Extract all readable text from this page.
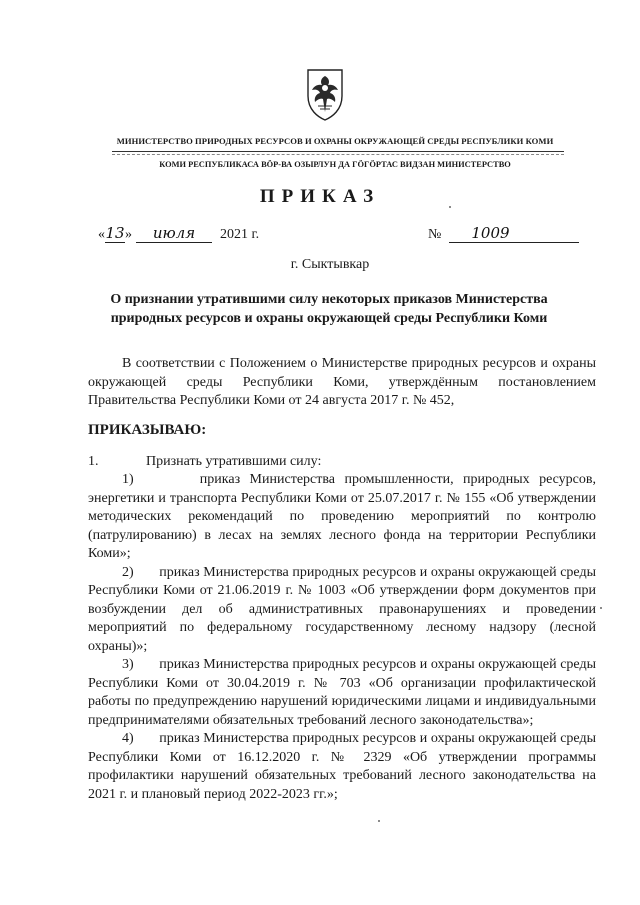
МИНИСТЕРСТВО ПРИРОДНЫХ РЕСУРСОВ И ОХРАНЫ ОКРУЖАЮЩЕЙ СРЕДЫ РЕСПУБЛИКИ КОМИ
КОМИ РЕСПУБЛИКАСА ВӦР-ВА ОЗЫРЛУН ДА ГӦГӦРТАС ВИДЗАН МИНИСТЕРСТВО
ПРИКАЗ
«13» июля 2021 г.	№ 1009
г. Сыктывкар
О признании утратившими силу некоторых приказов Министерства природных ресурсов и охраны окружающей среды Республики Коми
В соответствии с Положением о Министерстве природных ресурсов и охраны окружающей среды Республики Коми, утверждённым постановлением Правительства Республики Коми от 24 августа 2017 г. № 452,
ПРИКАЗЫВАЮ:
1.	Признать утратившими силу:

1)	приказ Министерства промышленности, природных ресурсов, энергетики и транспорта Республики Коми от 25.07.2017 г. № 155 «Об утверждении методических рекомендаций по проведению мероприятий по контролю (патрулированию) в лесах на землях лесного фонда на территории Республики Коми»;

2) приказ Министерства природных ресурсов и охраны окружающей среды Республики Коми от 21.06.2019 г. № 1003 «Об утверждении форм документов при возбуждении дел об административных правонарушениях и проведении мероприятий по федеральному государственному лесному надзору (лесной охраны)»;

3) приказ Министерства природных ресурсов и охраны окружающей среды Республики Коми от 30.04.2019 г. № 703 «Об организации профилактической работы по предупреждению нарушений юридическими лицами и индивидуальными предпринимателями обязательных требований лесного законодательства»;

4) приказ Министерства природных ресурсов и охраны окружающей среды Республики Коми от 16.12.2020 г. № 2329 «Об утверждении программы профилактики нарушений обязательных требований лесного законодательства на 2021 г. и плановый период 2022-2023 гг.»;
